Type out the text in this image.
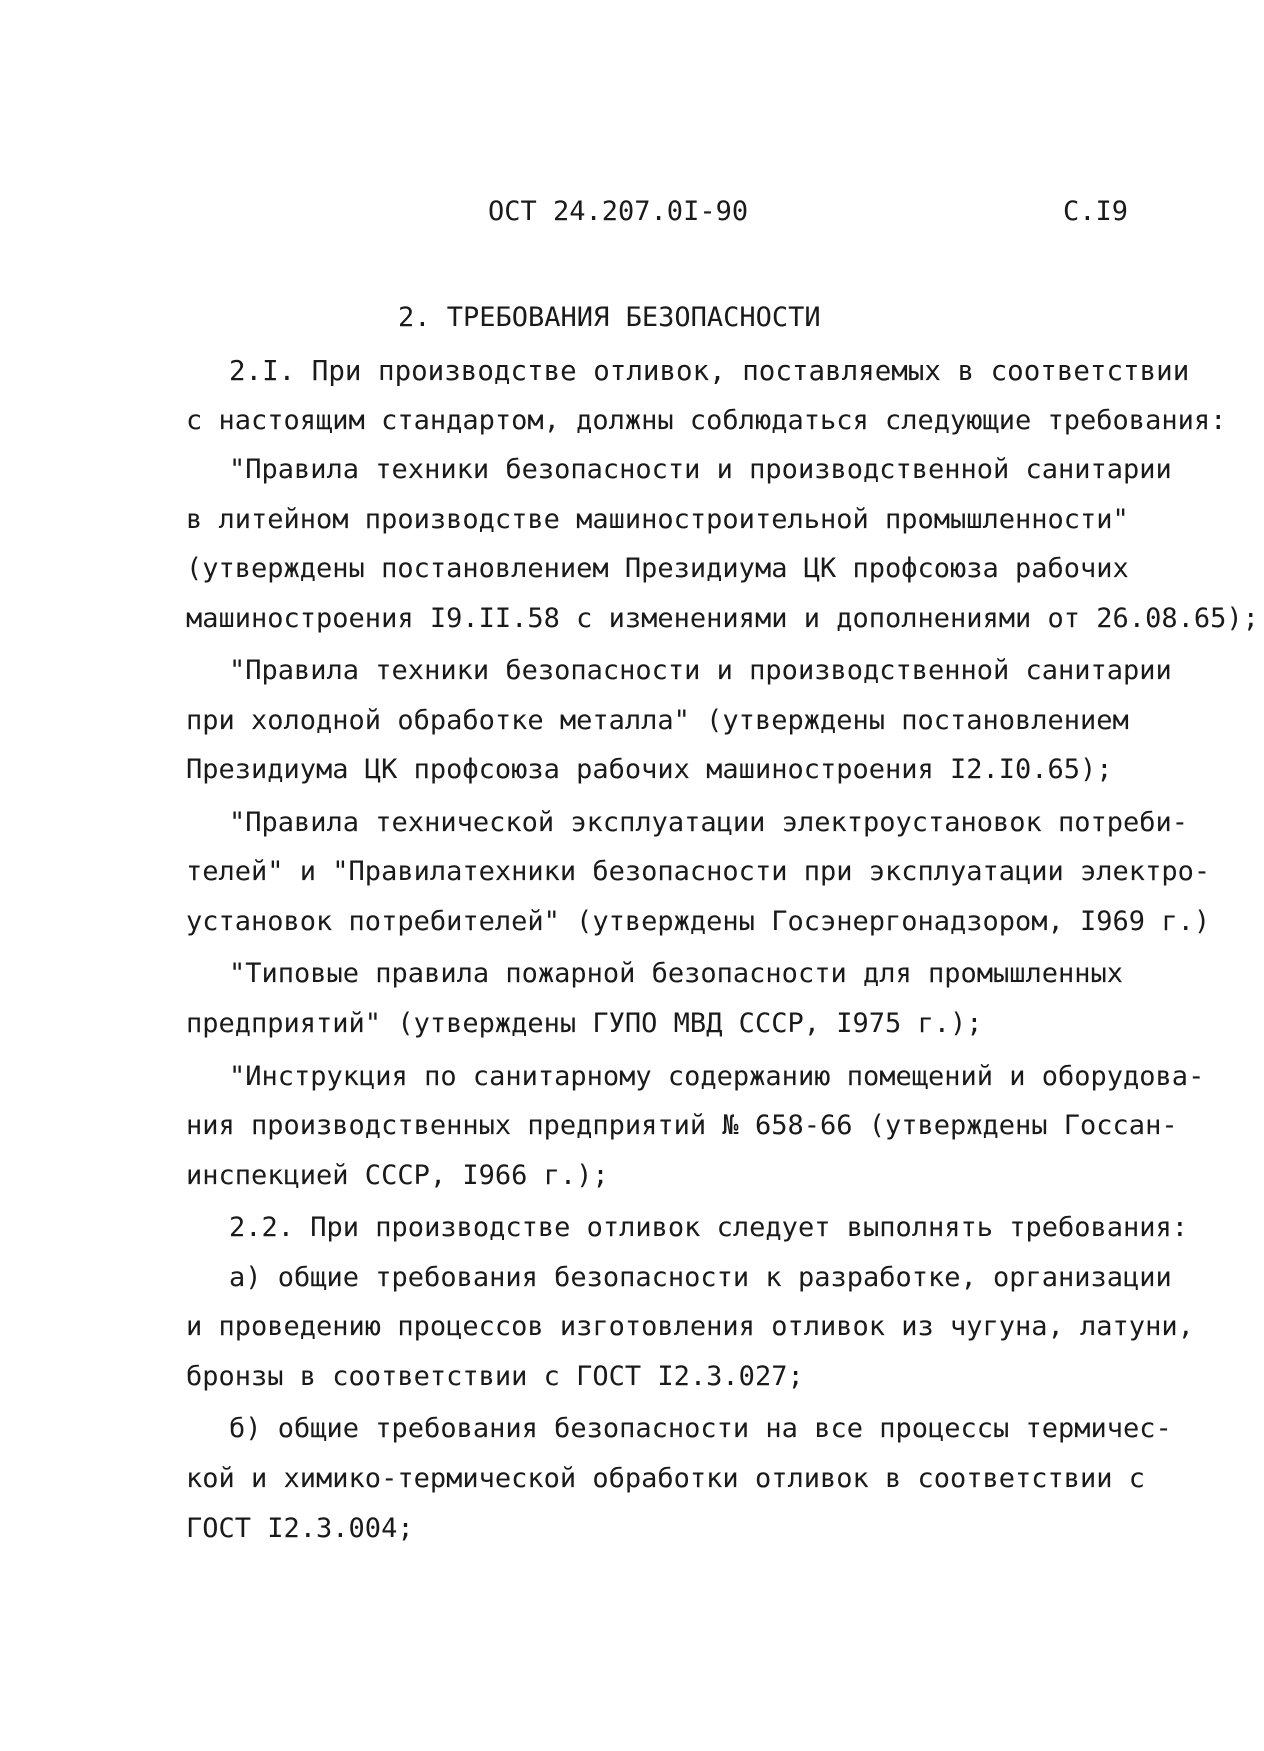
ОСТ 24.207.0I-90	С.I9
2. ТРЕБОВАНИЯ БЕЗОПАСНОСТИ
2.I. При производстве отливок, поставляемых в соответствии
с настоящим стандартом, должны соблюдаться следующие требования:
"Правила техники безопасности и производственной санитарии
в литейном производстве машиностроительной промышленности"
(утверждены постановлением Президиума ЦК профсоюза рабочих
машиностроения I9.II.58 с изменениями и дополнениями от 26.08.65);
"Правила техники безопасности и производственной санитарии
при холодной обработке металла" (утверждены постановлением
Президиума ЦК профсоюза рабочих машиностроения I2.I0.65);
"Правила технической эксплуатации электроустановок потреби-
телей" и "Правилатехники безопасности при эксплуатации электро-
установок потребителей" (утверждены Госэнергонадзором, I969 г.)
"Типовые правила пожарной безопасности для промышленных
предприятий" (утверждены ГУПО МВД СССР, I975 г.);
"Инструкция по санитарному содержанию помещений и оборудова-
ния производственных предприятий № 658-66 (утверждены Госсан-
инспекцией СССР, I966 г.);
2.2. При производстве отливок следует выполнять требования:
а) общие требования безопасности к разработке, организации
и проведению процессов изготовления отливок из чугуна, латуни,
бронзы в соответствии с ГОСТ I2.3.027;
б) общие требования безопасности на все процессы термичес-
кой и химико-термической обработки отливок в соответствии с
ГОСТ I2.3.004;
